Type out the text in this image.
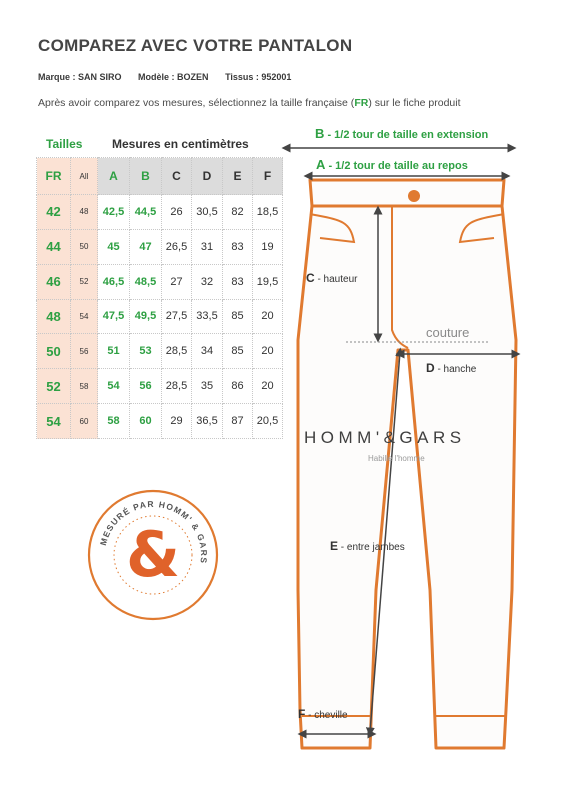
COMPAREZ AVEC VOTRE PANTALON
Marque : SAN SIRO Modèle : BOZEN Tissus : 952001
Après avoir comparez vos mesures, sélectionnez la taille française (FR) sur le fiche produit
Tailles Mesures en centimètres
FR	All	A	B	C	D	E	F
42	48	42,5	44,5	26	30,5	82	18,5
44	50	45	47	26,5	31	83	19
46	52	46,5	48,5	27	32	83	19,5
48	54	47,5	49,5	27,5	33,5	85	20
50	56	51	53	28,5	34	85	20
52	58	54	56	28,5	35	86	20
54	60	58	60	29	36,5	87	20,5
MESURÉ PAR HOMM' & GARS
&
B - 1/2 tour de taille en extension
A - 1/2 tour de taille au repos
C - hauteur
couture
D - hanche
HOMM'&GARS
Habille l'homme
E - entre jambes
F - cheville
